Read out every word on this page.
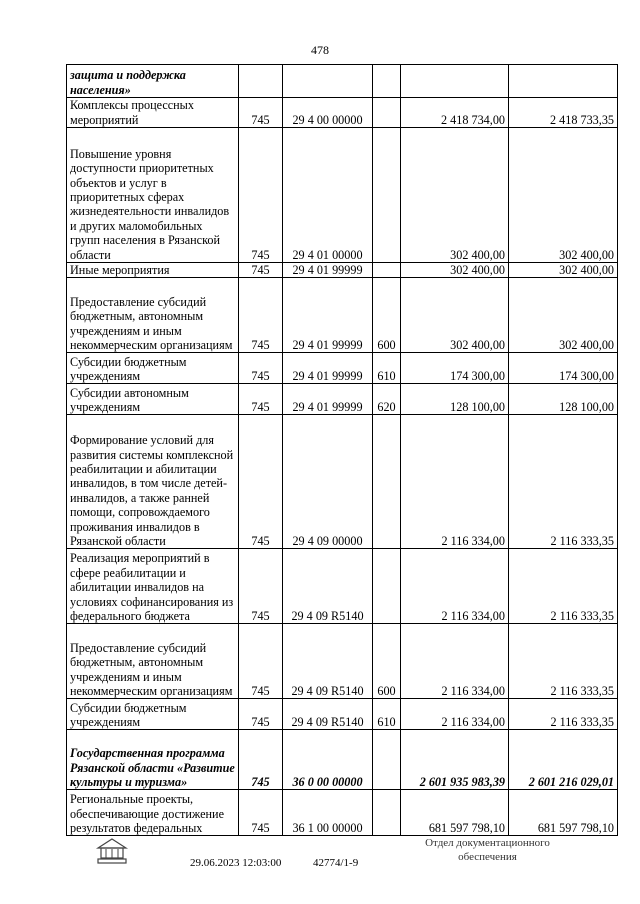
478
защита и поддержка населения»					
Комплексы процессных мероприятий	745	29 4 00 00000		2 418 734,00	2 418 733,35
Повышение уровня доступности приоритетных объектов и услуг в приоритетных сферах жизнедеятельности инвалидов и других маломобильных групп населения в Рязанской области	745	29 4 01 00000		302 400,00	302 400,00
Иные мероприятия	745	29 4 01 99999		302 400,00	302 400,00
Предоставление субсидий бюджетным, автономным учреждениям и иным некоммерческим организациям	745	29 4 01 99999	600	302 400,00	302 400,00
Субсидии бюджетным учреждениям	745	29 4 01 99999	610	174 300,00	174 300,00
Субсидии автономным учреждениям	745	29 4 01 99999	620	128 100,00	128 100,00
Формирование условий для развития системы комплексной реабилитации и абилитации инвалидов, в том числе детей-инвалидов, а также ранней помощи, сопровождаемого проживания инвалидов в Рязанской области	745	29 4 09 00000		2 116 334,00	2 116 333,35
Реализация мероприятий в сфере реабилитации и абилитации инвалидов на условиях софинансирования из федерального бюджета	745	29 4 09 R5140		2 116 334,00	2 116 333,35
Предоставление субсидий бюджетным, автономным учреждениям и иным некоммерческим организациям	745	29 4 09 R5140	600	2 116 334,00	2 116 333,35
Субсидии бюджетным учреждениям	745	29 4 09 R5140	610	2 116 334,00	2 116 333,35
Государственная программа Рязанской области «Развитие культуры и туризма»	745	36 0 00 00000		2 601 935 983,39	2 601 216 029,01
Региональные проекты, обеспечивающие достижение результатов федеральных	745	36 1 00 00000		681 597 798,10	681 597 798,10
29.06.2023 12:03:00	42774/1-9
Отдел документационного обеспечения
